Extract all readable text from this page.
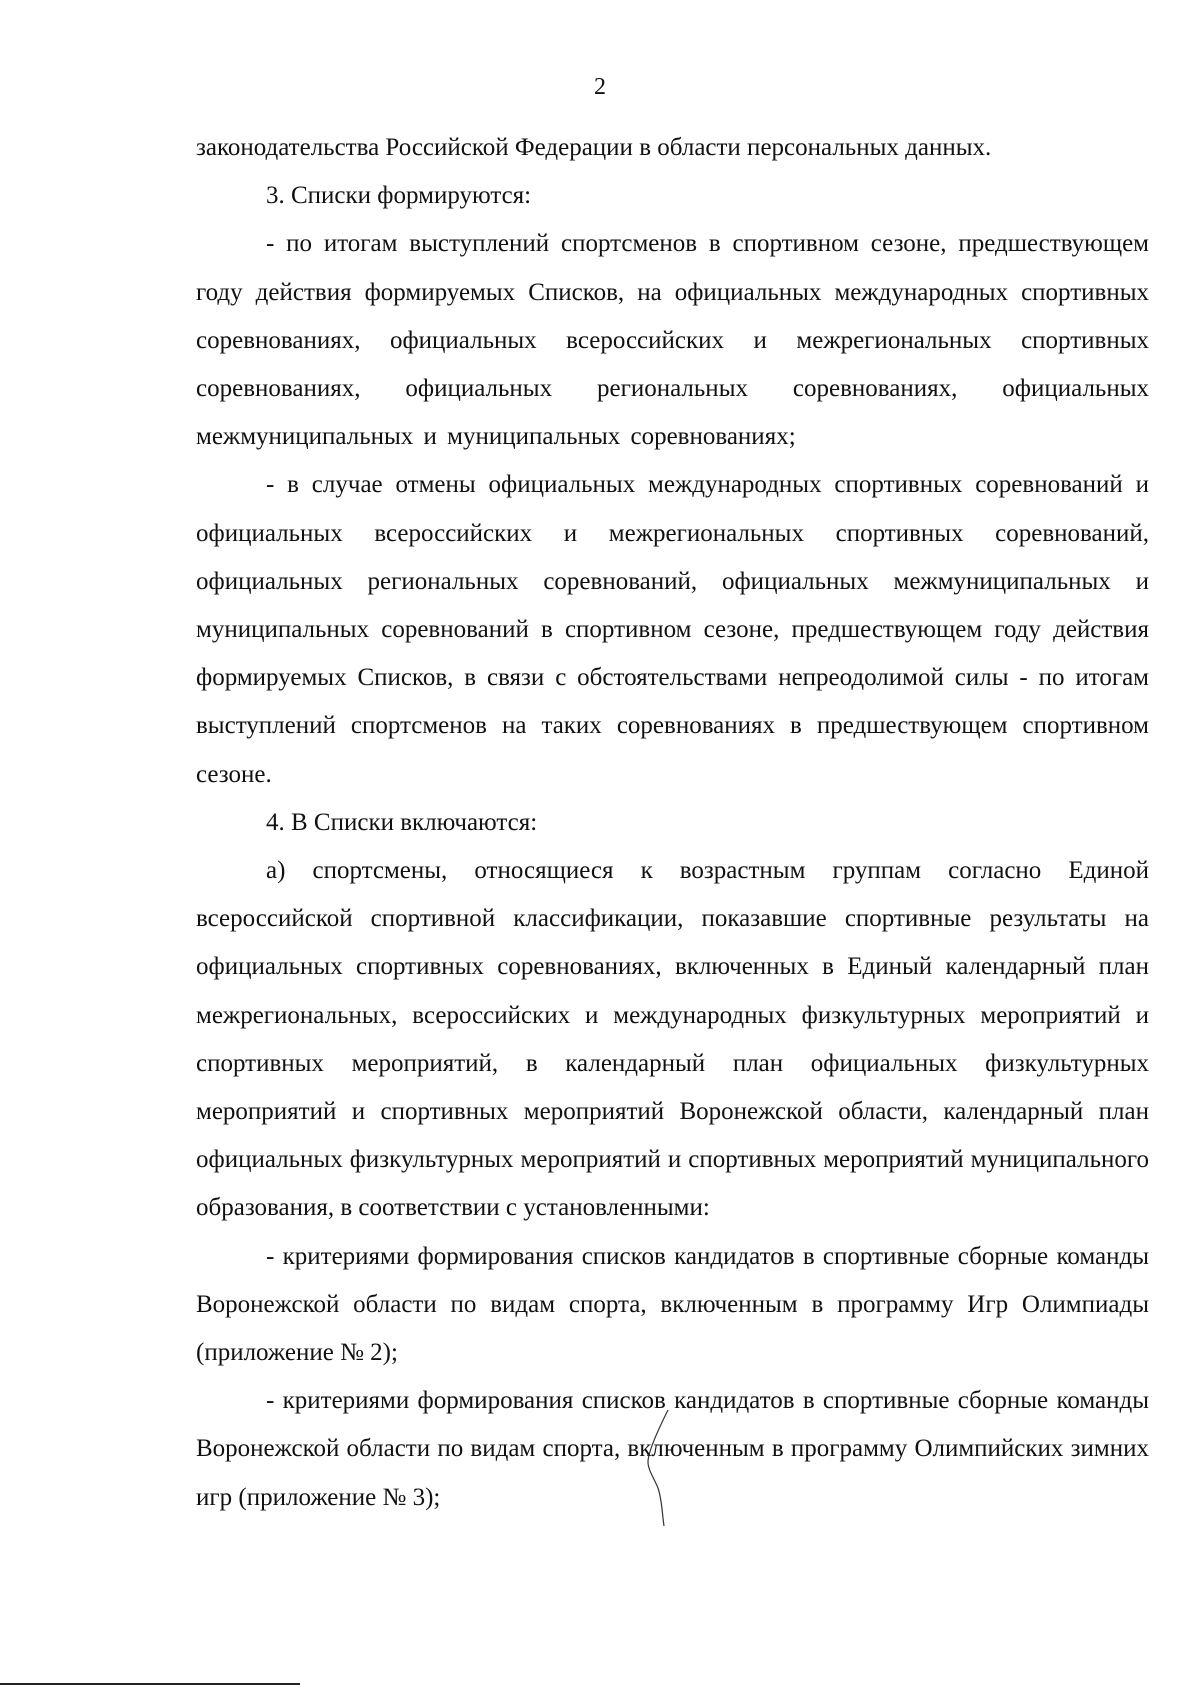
2

законодательства Российской Федерации в области персональных данных.

3. Списки формируются:

- по итогам выступлений спортсменов в спортивном сезоне, предшествующем году действия формируемых Списков, на официальных международных спортивных соревнованиях, официальных всероссийских и межрегиональных спортивных соревнованиях, официальных региональных соревнованиях, официальных межмуниципальных и муниципальных соревнованиях;

- в случае отмены официальных международных спортивных соревнований и официальных всероссийских и межрегиональных спортивных соревнований, официальных региональных соревнований, официальных межмуниципальных и муниципальных соревнований в спортивном сезоне, предшествующем году действия формируемых Списков, в связи с обстоятельствами непреодолимой силы - по итогам выступлений спортсменов на таких соревнованиях в предшествующем спортивном сезоне.

4. В Списки включаются:

а) спортсмены, относящиеся к возрастным группам согласно Единой всероссийской спортивной классификации, показавшие спортивные результаты на официальных спортивных соревнованиях, включенных в Единый календарный план межрегиональных, всероссийских и международных физкультурных мероприятий и спортивных мероприятий, в календарный план официальных физкультурных мероприятий и спортивных мероприятий Воронежской области, календарный план официальных физкультурных мероприятий и спортивных мероприятий муниципального образования, в соответствии с установленными:

- критериями формирования списков кандидатов в спортивные сборные команды Воронежской области по видам спорта, включенным в программу Игр Олимпиады (приложение № 2);

- критериями формирования списков кандидатов в спортивные сборные команды Воронежской области по видам спорта, включенным в программу Олимпийских зимних игр (приложение № 3);
